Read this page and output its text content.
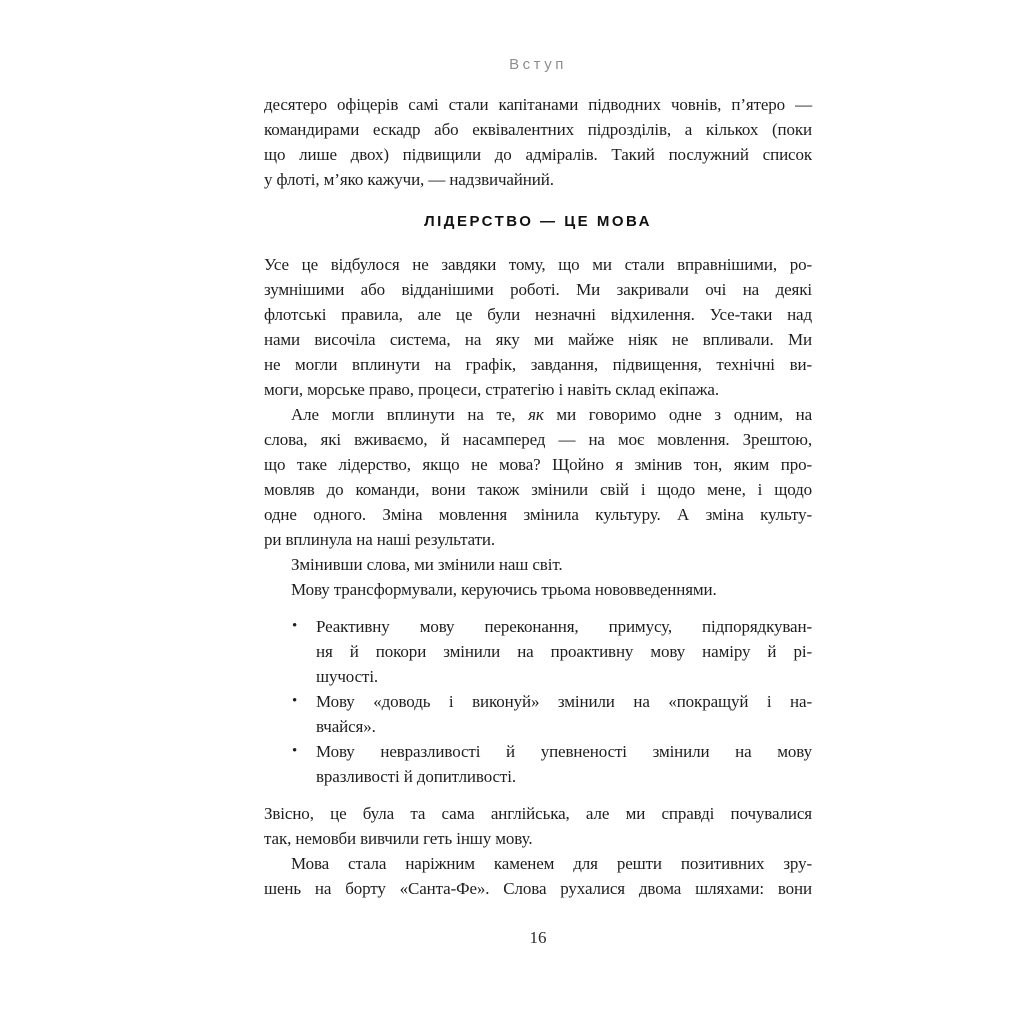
Вступ
десятеро офіцерів самі стали капітанами підводних човнів, п’ятеро —
командирами ескадр або еквівалентних підрозділів, а кількох (поки
що лише двох) підвищили до адміралів. Такий послужний список
у флоті, м’яко кажучи, — надзвичайний.
ЛІДЕРСТВО — ЦЕ МОВА
Усе це відбулося не завдяки тому, що ми стали вправнішими, ро-
зумнішими або відданішими роботі. Ми закривали очі на деякі
флотські правила, але це були незначні відхилення. Усе-таки над
нами височіла система, на яку ми майже ніяк не впливали. Ми
не могли вплинути на графік, завдання, підвищення, технічні ви-
моги, морське право, процеси, стратегію і навіть склад екіпажа.
Але могли вплинути на те, як ми говоримо одне з одним, на
слова, які вживаємо, й насамперед — на моє мовлення. Зрештою,
що таке лідерство, якщо не мова? Щойно я змінив тон, яким про-
мовляв до команди, вони також змінили свій і щодо мене, і щодо
одне одного. Зміна мовлення змінила культуру. А зміна культу-
ри вплинула на наші результати.
Змінивши слова, ми змінили наш світ.
Мову трансформували, керуючись трьома нововведеннями.
• Реактивну мову переконання, примусу, підпорядкуван-
ня й покори змінили на проактивну мову наміру й рі-
шучості.
• Мову «доводь і виконуй» змінили на «покращуй і на-
вчайся».
• Мову невразливості й упевненості змінили на мову
вразливості й допитливості.
Звісно, це була та сама англійська, але ми справді почувалися
так, немовби вивчили геть іншу мову.
Мова стала наріжним каменем для решти позитивних зру-
шень на борту «Санта-Фе». Слова рухалися двома шляхами: вони
16
